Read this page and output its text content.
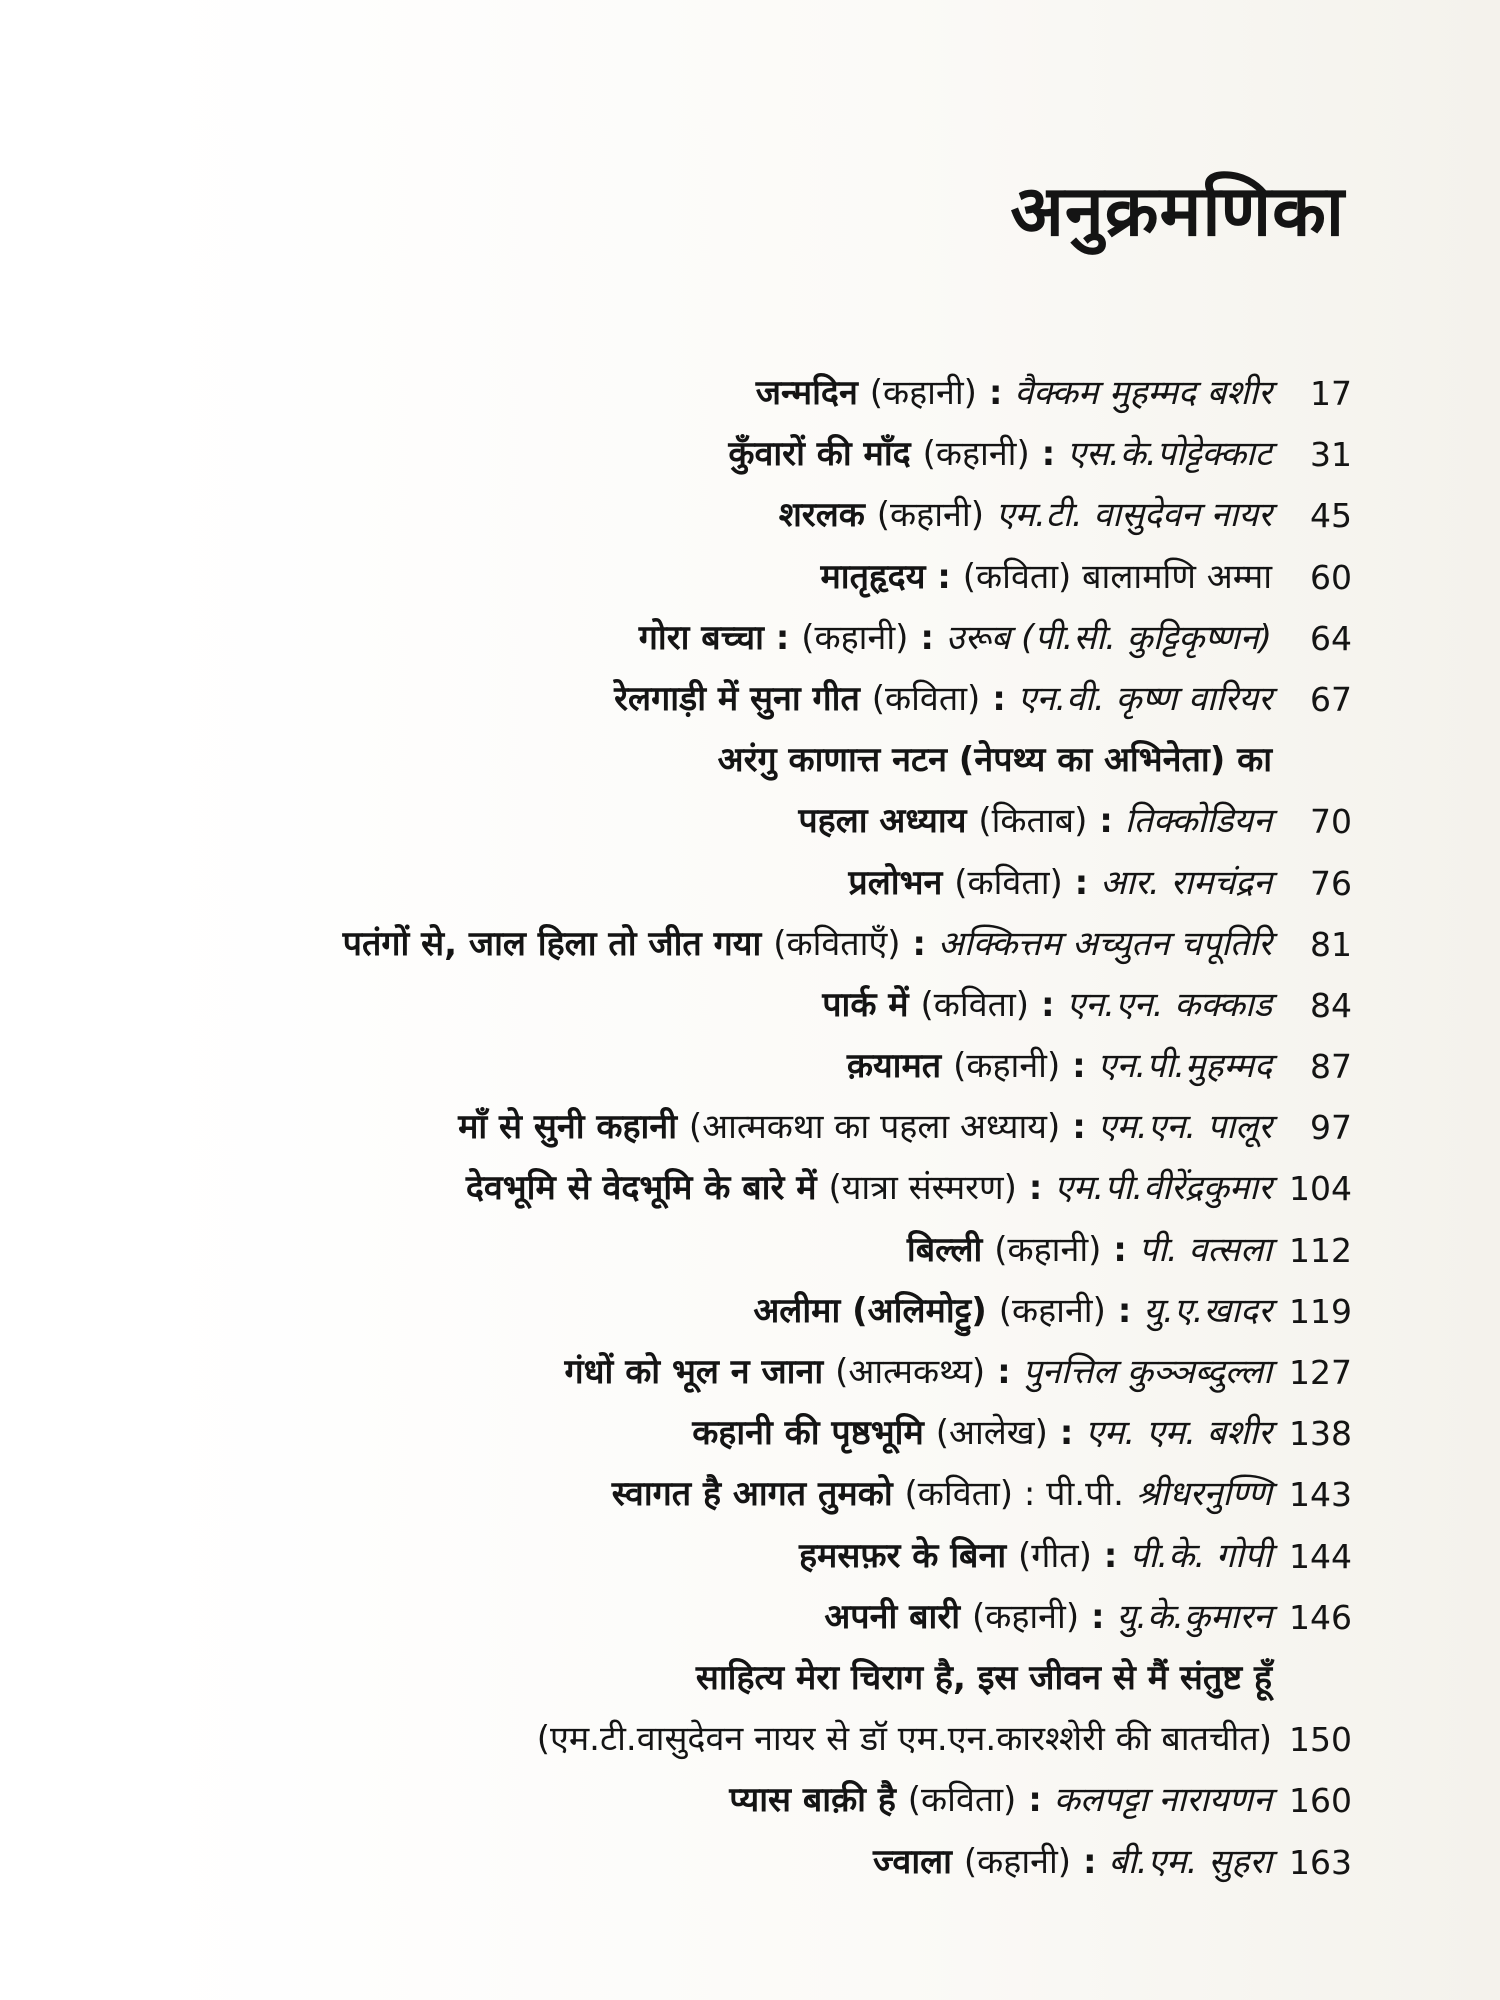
अनुक्रमणिका
जन्मदिन (कहानी) : वैक्कम मुहम्मद बशीर 17
कुँवारों की माँद (कहानी) : एस.के.पोट्टेक्काट 31
शरलक (कहानी) एम.टी. वासुदेवन नायर 45
मातृहृदय : (कविता) बालामणि अम्मा 60
गोरा बच्चा : (कहानी) : उरूब (पी.सी. कुट्टिकृष्णन) 64
रेलगाड़ी में सुना गीत (कविता) : एन.वी. कृष्ण वारियर 67
अरंगु काणात्त नटन (नेपथ्य का अभिनेता) का
पहला अध्याय (किताब) : तिक्कोडियन 70
प्रलोभन (कविता) : आर. रामचंद्रन 76
पतंगों से, जाल हिला तो जीत गया (कविताएँ) : अक्कित्तम अच्युतन चपूतिरि 81
पार्क में (कविता) : एन.एन. कक्काड 84
क़यामत (कहानी) : एन.पी.मुहम्मद 87
माँ से सुनी कहानी (आत्मकथा का पहला अध्याय) : एम.एन. पालूर 97
देवभूमि से वेदभूमि के बारे में (यात्रा संस्मरण) : एम.पी.वीरेंद्रकुमार 104
बिल्ली (कहानी) : पी. वत्सला 112
अलीमा (अलिमोट्टु) (कहानी) : यु.ए.खादर 119
गंधों को भूल न जाना (आत्मकथ्य) : पुनत्तिल कुञ्ञब्दुल्ला 127
कहानी की पृष्ठभूमि (आलेख) : एम. एम. बशीर 138
स्वागत है आगत तुमको (कविता) : पी.पी. श्रीधरनुण्णि 143
हमसफ़र के बिना (गीत) : पी.के. गोपी 144
अपनी बारी (कहानी) : यु.के.कुमारन 146
साहित्य मेरा चिराग है, इस जीवन से मैं संतुष्ट हूँ
(एम.टी.वासुदेवन नायर से डॉ एम.एन.कारश्शेरी की बातचीत) 150
प्यास बाक़ी है (कविता) : कलपट्टा नारायणन 160
ज्वाला (कहानी) : बी.एम. सुहरा 163
